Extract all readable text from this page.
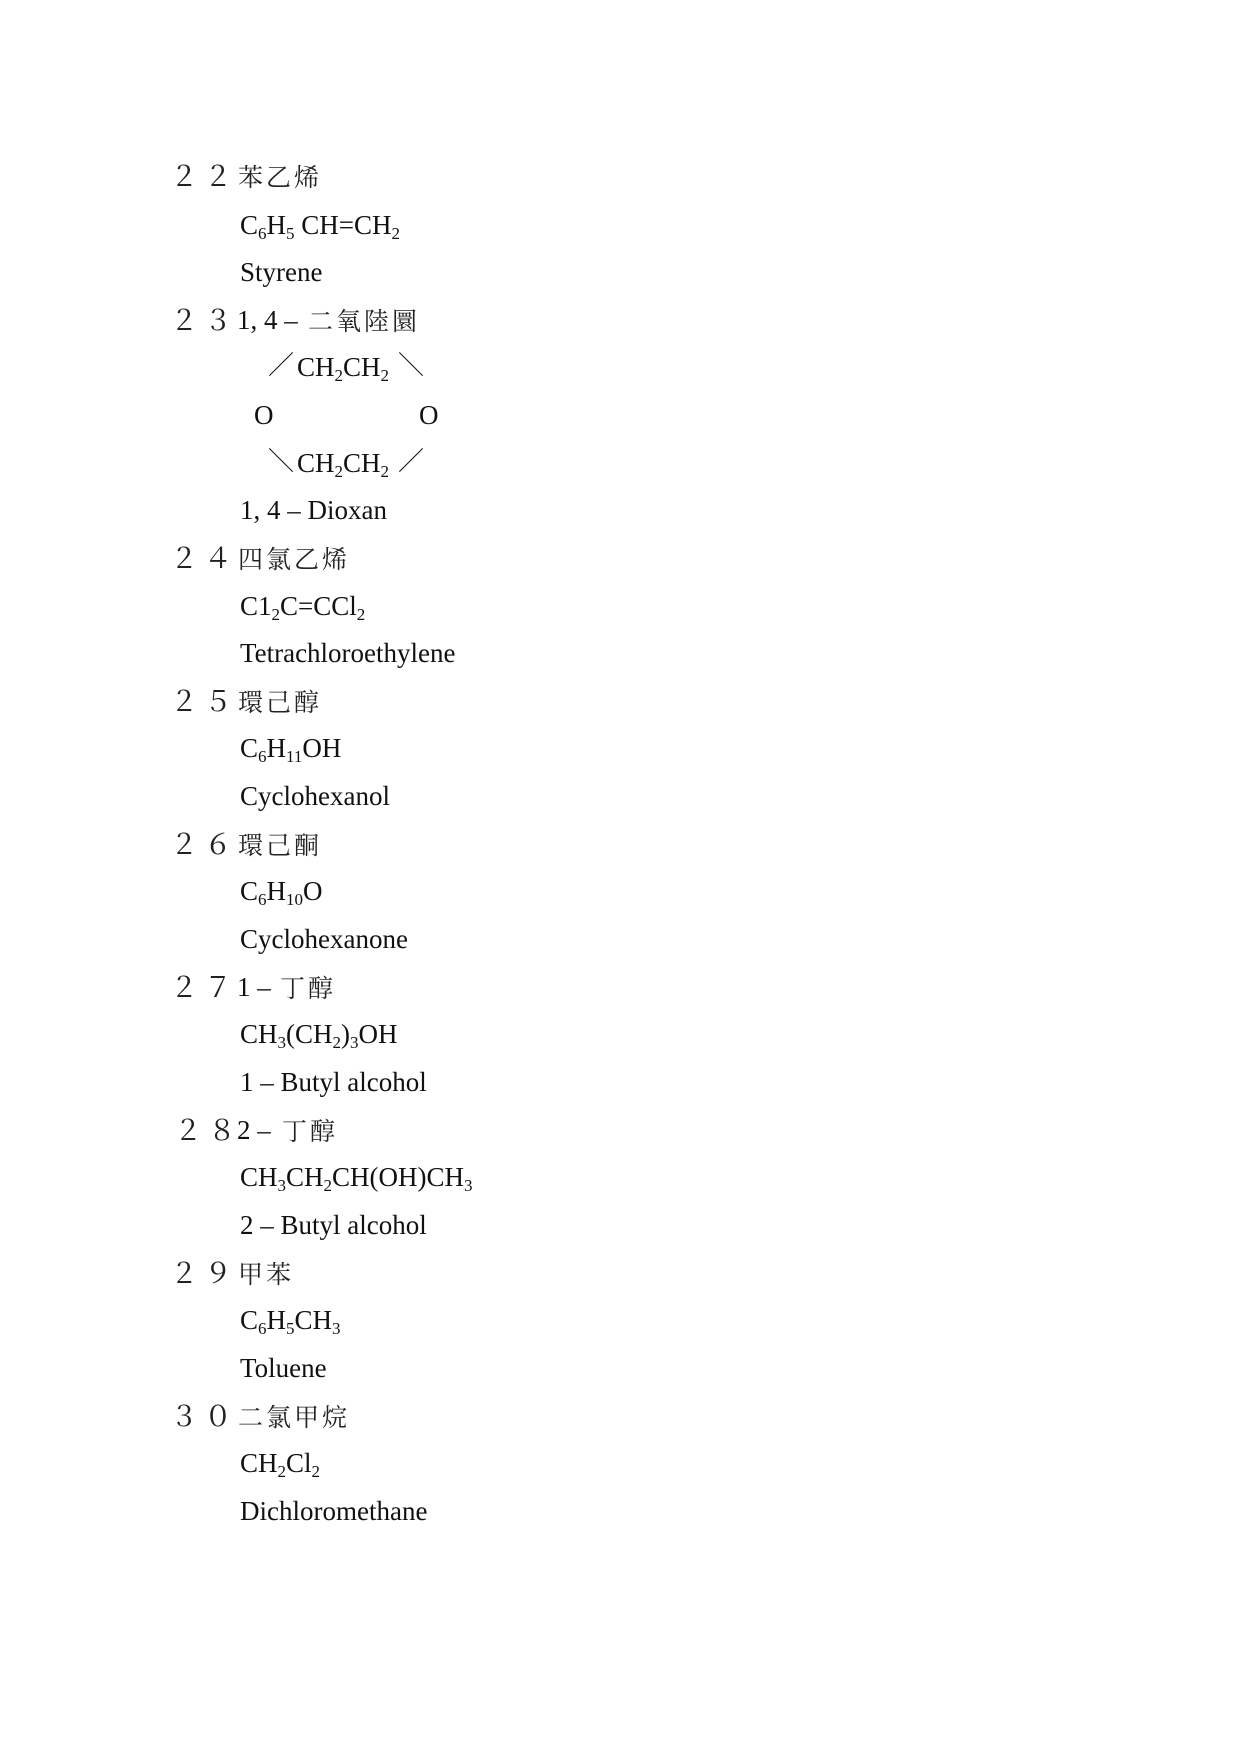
２２ 苯乙烯
$C_6H_5$ $CH=CH_2$
Styrene
２３
1, 4 – 二氧陸圜
／ $CH_2CH_2$ ＼
O	O
＼ $CH_2CH_2$ ／
1, 4 – Dioxan
２４ 四氯乙烯
$C1_2C=CCl_2$
Tetrachloroethylene
２５ 環己醇
$C_6H_{11}OH$
Cyclohexanol
２６ 環己酮
$C_6H_{10}O$
Cyclohexanone
２７
1 – 丁醇
$CH_3(CH_2)_3OH$
1 – Butyl alcohol
２８
2 – 丁醇
$CH_3CH_2CH(OH)CH_3$
2 – Butyl alcohol
２９ 甲苯
$C_6H_5CH_3$
Toluene
３０ 二氯甲烷
$CH_2Cl_2$
Dichloromethane
